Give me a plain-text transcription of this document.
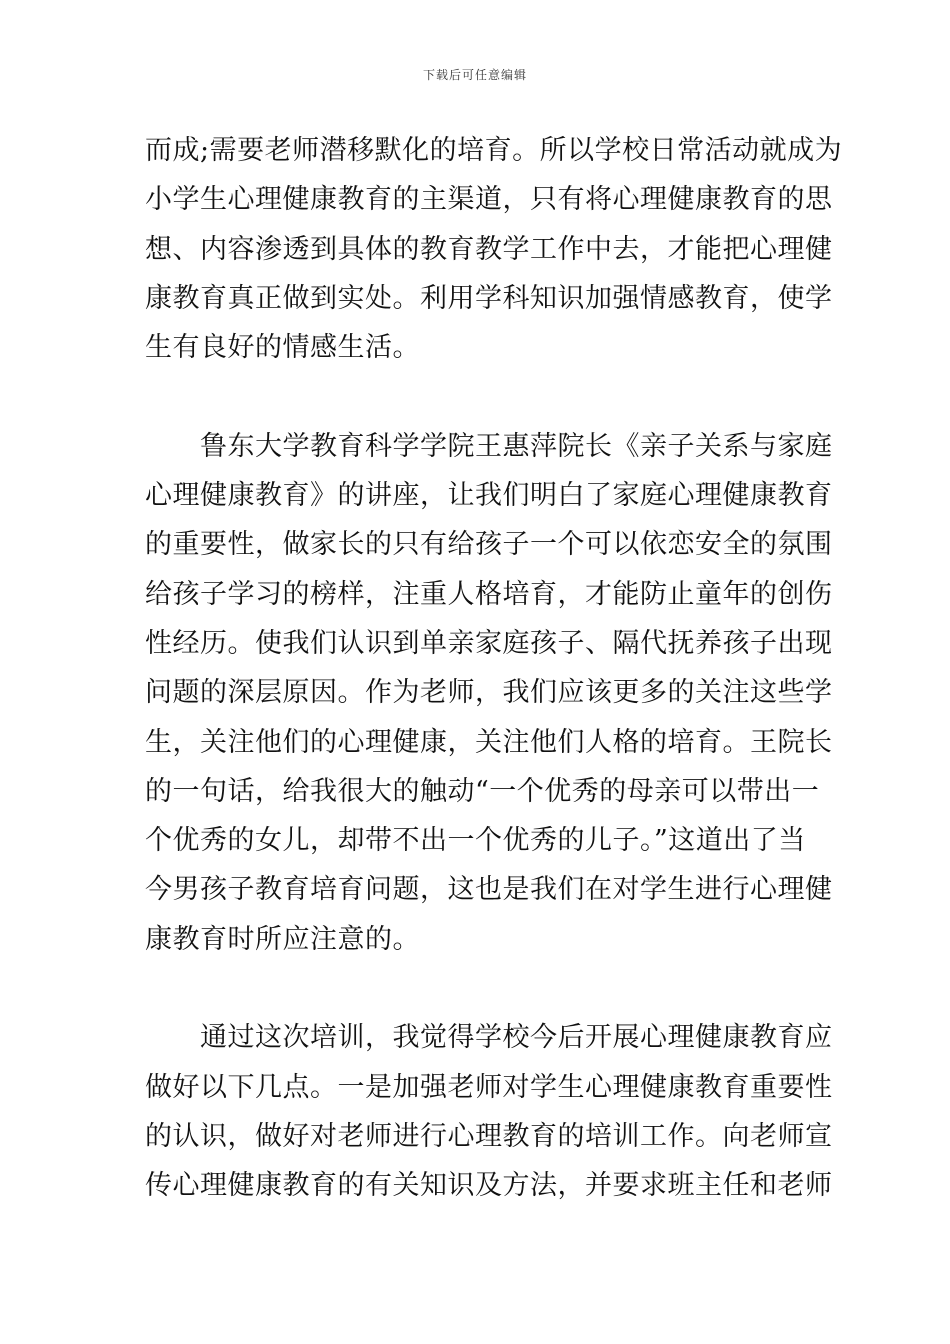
下载后可任意编辑
而成;需要老师潜移默化的培育。所以学校日常活动就成为
小学生心理健康教育的主渠道，只有将心理健康教育的思
想、内容渗透到具体的教育教学工作中去，才能把心理健
康教育真正做到实处。利用学科知识加强情感教育，使学
生有良好的情感生活。
鲁东大学教育科学学院王惠萍院长《亲子关系与家庭
心理健康教育》的讲座，让我们明白了家庭心理健康教育
的重要性，做家长的只有给孩子一个可以依恋安全的氛围
给孩子学习的榜样，注重人格培育，才能防止童年的创伤
性经历。使我们认识到单亲家庭孩子、隔代抚养孩子出现
问题的深层原因。作为老师，我们应该更多的关注这些学
生，关注他们的心理健康，关注他们人格的培育。王院长
的一句话，给我很大的触动“一个优秀的母亲可以带出一
个优秀的女儿，却带不出一个优秀的儿子。”这道出了当
今男孩子教育培育问题，这也是我们在对学生进行心理健
康教育时所应注意的。
通过这次培训，我觉得学校今后开展心理健康教育应
做好以下几点。一是加强老师对学生心理健康教育重要性
的认识，做好对老师进行心理教育的培训工作。向老师宣
传心理健康教育的有关知识及方法，并要求班主任和老师
